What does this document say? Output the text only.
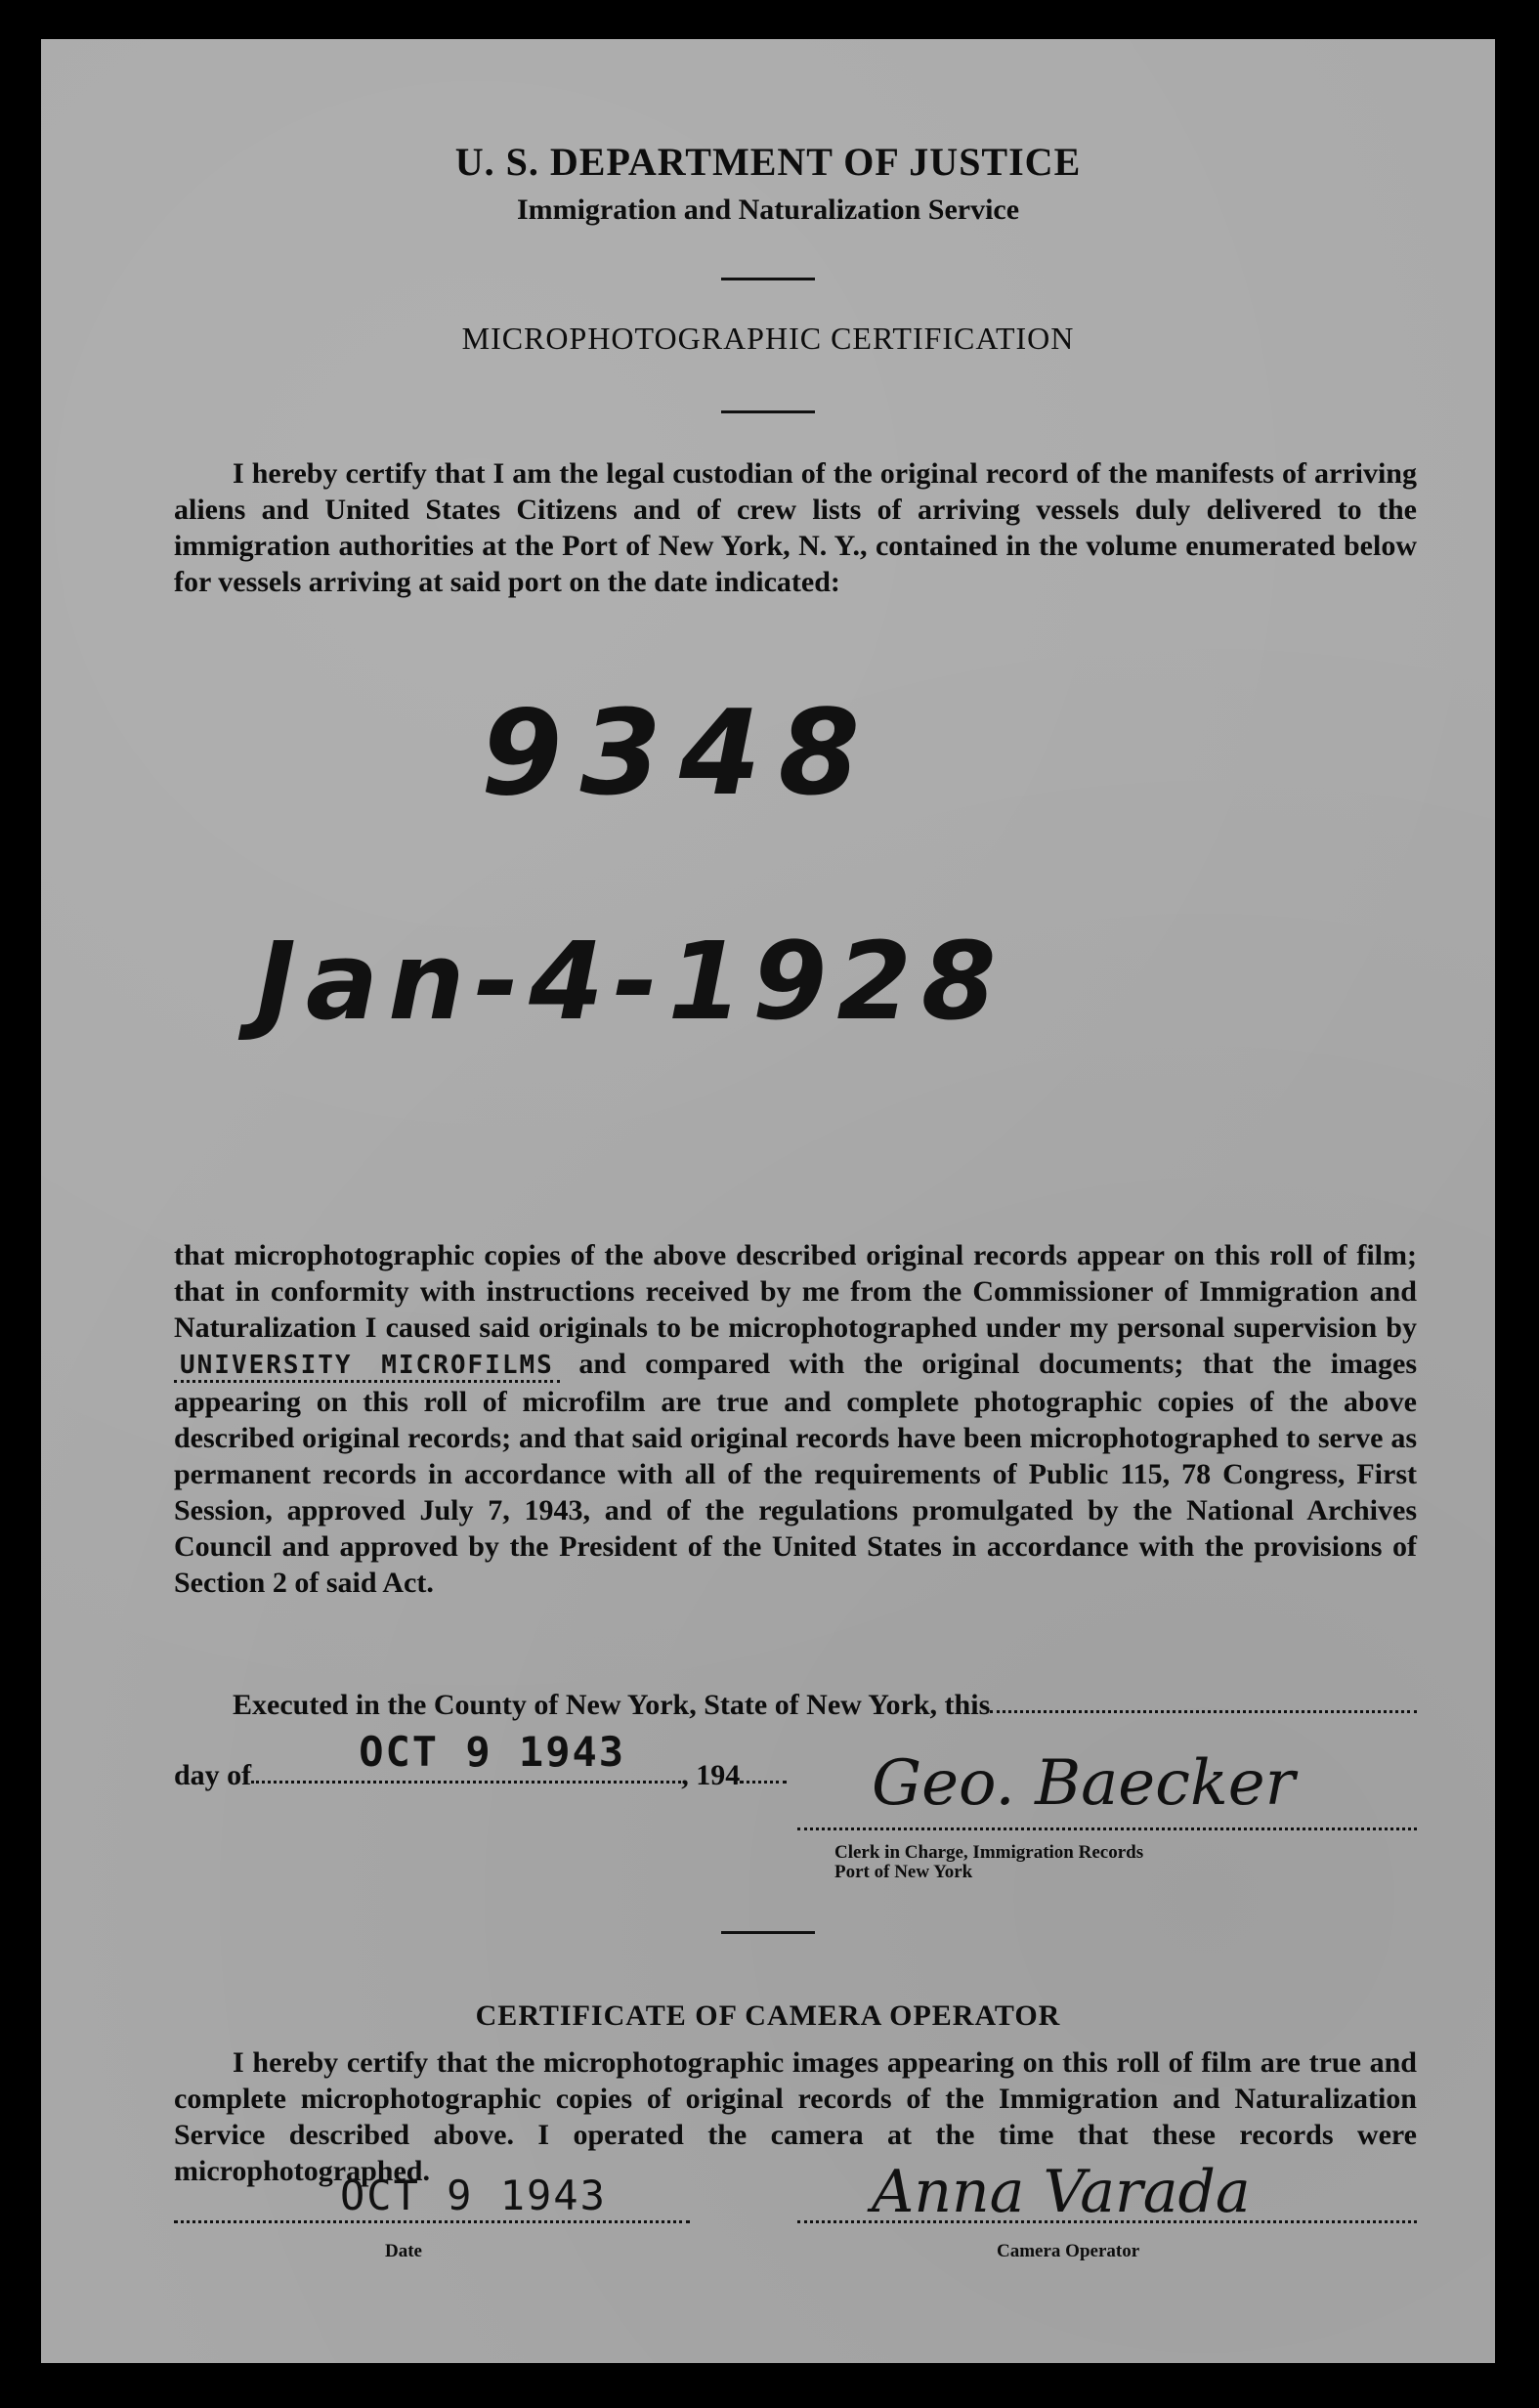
U. S. DEPARTMENT OF JUSTICE
Immigration and Naturalization Service
MICROPHOTOGRAPHIC CERTIFICATION
I hereby certify that I am the legal custodian of the original record of the manifests of arriving aliens and United States Citizens and of crew lists of arriving vessels duly delivered to the immigration authorities at the Port of New York, N. Y., contained in the volume enumerated below for vessels arriving at said port on the date indicated:
9348
Jan-4-1928
that microphotographic copies of the above described original records appear on this roll of film; that in conformity with instructions received by me from the Commissioner of Immigration and Naturalization I caused said originals to be microphotographed under my personal supervision by UNIVERSITY MICROFILMS and compared with the original documents; that the images appearing on this roll of microfilm are true and complete photographic copies of the above described original records; and that said original records have been microphotographed to serve as permanent records in accordance with all of the requirements of Public 115, 78 Congress, First Session, approved July 7, 1943, and of the regulations promulgated by the National Archives Council and approved by the President of the United States in accordance with the provisions of Section 2 of said Act.
Executed in the County of New York, State of New York, this
day of	OCT 9 1943 , 194 Geo. Baecker
Clerk in Charge, Immigration Records
Port of New York
CERTIFICATE OF CAMERA OPERATOR
I hereby certify that the microphotographic images appearing on this roll of film are true and complete microphotographic copies of original records of the Immigration and Naturalization Service described above. I operated the camera at the time that these records were microphotographed.
OCT 9 1943
Date
Anna Varada
Camera Operator
